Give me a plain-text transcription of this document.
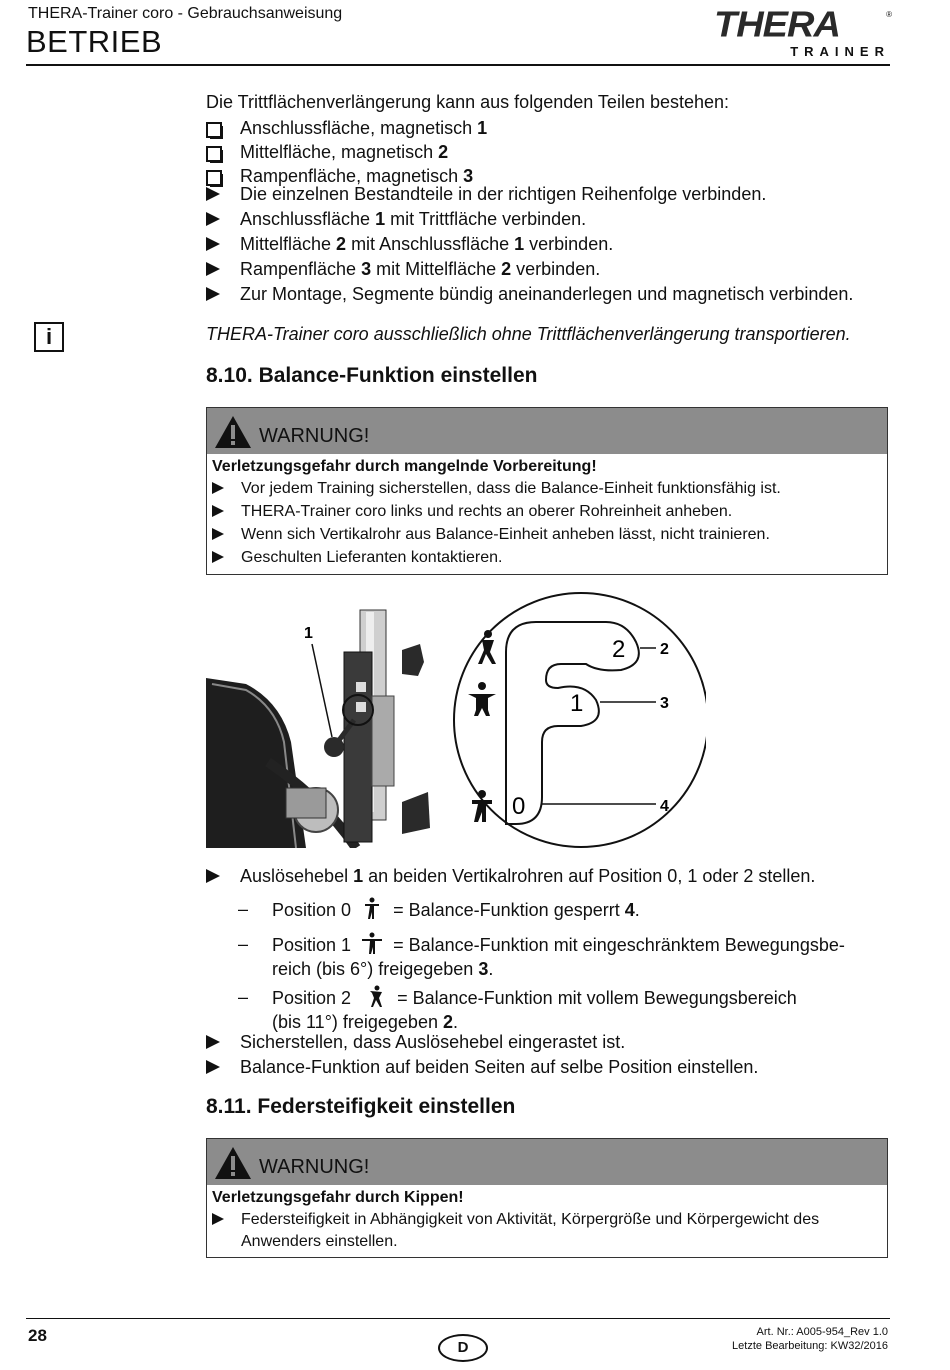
THERA-Trainer coro - Gebrauchsanweisung
BETRIEB	THERA	®
TRAINER
Die Trittflächenverlängerung kann aus folgenden Teilen bestehen:
Anschlussfläche, magnetisch 1
Mittelfläche, magnetisch 2
Rampenfläche, magnetisch 3
Die einzelnen Bestandteile in der richtigen Reihenfolge verbinden.
Anschlussfläche 1 mit Trittfläche verbinden.
Mittelfläche 2 mit Anschlussfläche 1 verbinden.
Rampenfläche 3 mit Mittelfläche 2 verbinden.
Zur Montage, Segmente bündig aneinanderlegen und magnetisch verbinden.
i	THERA-Trainer coro ausschließlich ohne Trittflächenverlängerung transportieren.
8.10. Balance-Funktion einstellen
WARNUNG!
Verletzungsgefahr durch mangelnde Vorbereitung!
Vor jedem Training sicherstellen, dass die Balance-Einheit funktionsfähig ist.
THERA-Trainer coro links und rechts an oberer Rohreinheit anheben.
Wenn sich Vertikalrohr aus Balance-Einheit anheben lässt, nicht trainieren.
Geschulten Lieferanten kontaktieren.
1
2
1
0
2
3
4
Auslösehebel 1 an beiden Vertikalrohren auf Position 0, 1 oder 2 stellen.
–	Position 0 = Balance-Funktion gesperrt 4.
–	Position 1 = Balance-Funktion mit eingeschränktem Bewegungsbe-
reich (bis 6°) freigegeben 3.
–	Position 2	= Balance-Funktion mit vollem Bewegungsbereich
(bis 11°) freigegeben 2.
Sicherstellen, dass Auslösehebel eingerastet ist.
Balance-Funktion auf beiden Seiten auf selbe Position einstellen.
8.11. Federsteifigkeit einstellen
WARNUNG!
Verletzungsgefahr durch Kippen!
Federsteifigkeit in Abhängigkeit von Aktivität, Körpergröße und Körpergewicht des
Anwenders einstellen.
28	Art. Nr.: A005-954_Rev 1.0
Letzte Bearbeitung: KW32/2016
D
